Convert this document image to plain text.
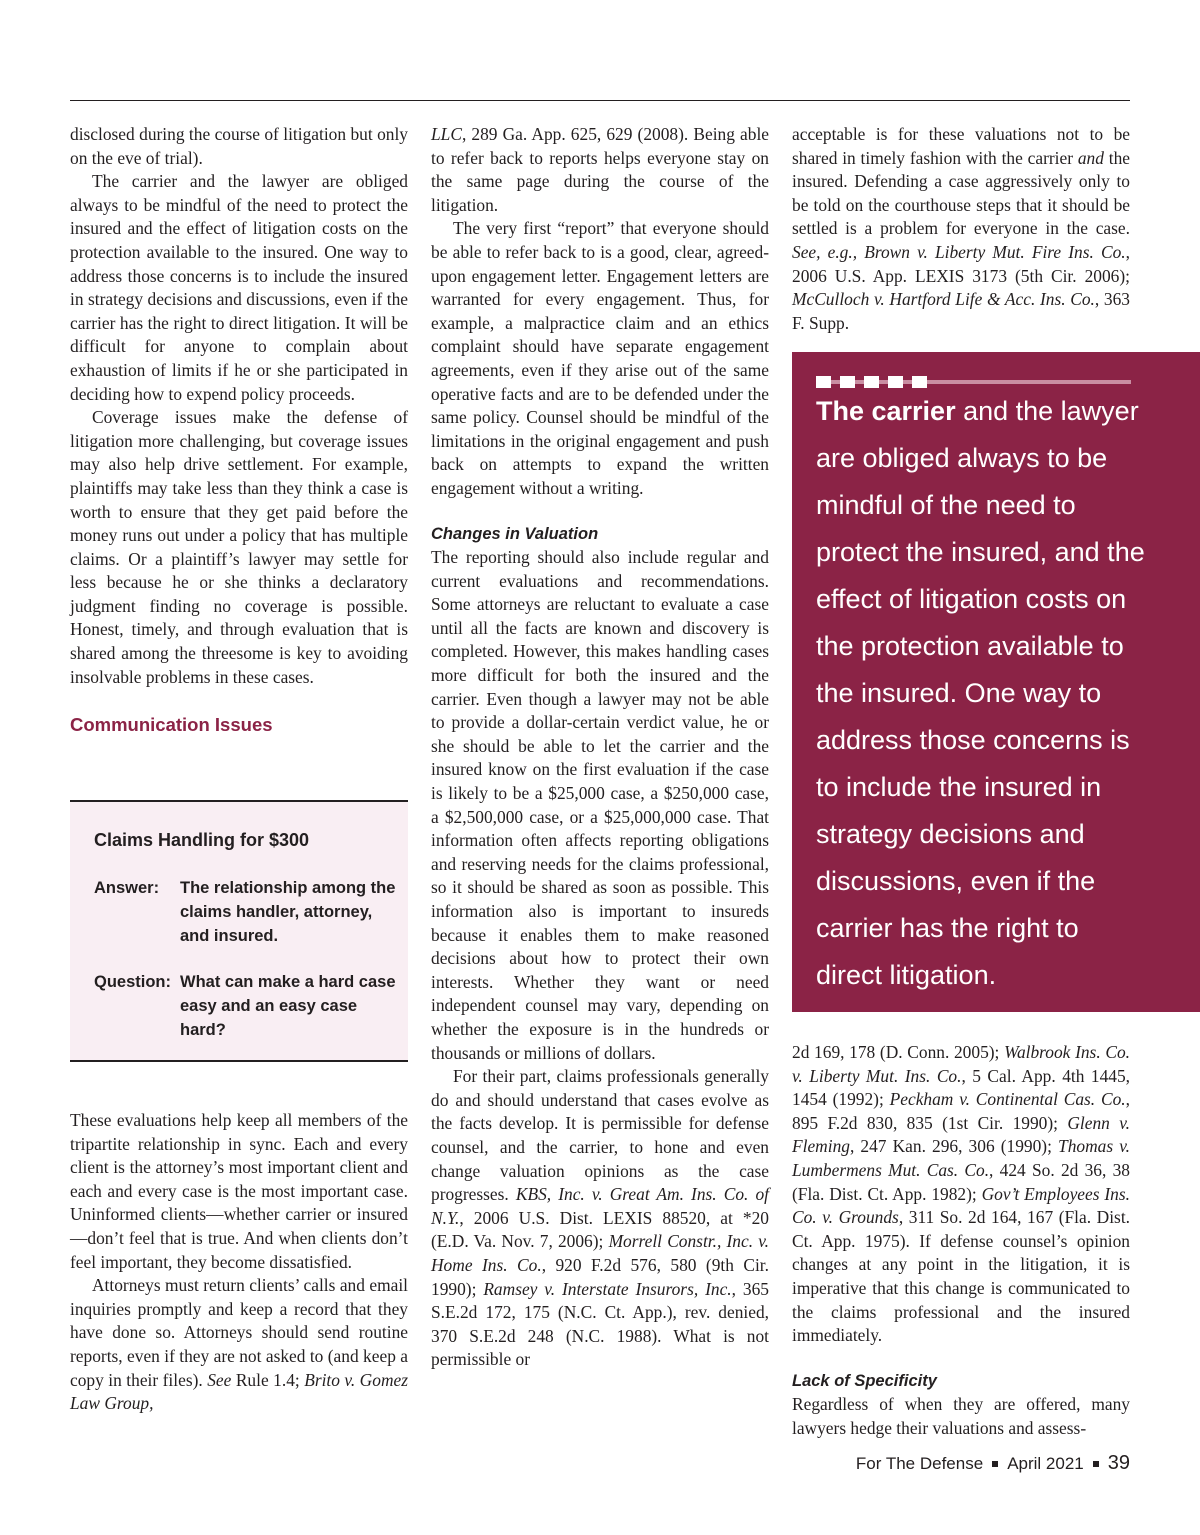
disclosed during the course of litigation but only on the eve of trial).

The carrier and the lawyer are obliged always to be mindful of the need to protect the insured and the effect of litigation costs on the protection available to the insured. One way to address those concerns is to include the insured in strategy decisions and discussions, even if the carrier has the right to direct litigation. It will be difficult for anyone to complain about exhaustion of limits if he or she participated in deciding how to expend policy proceeds.

Coverage issues make the defense of litigation more challenging, but coverage issues may also help drive settlement. For example, plaintiffs may take less than they think a case is worth to ensure that they get paid before the money runs out under a policy that has multiple claims. Or a plaintiff’s lawyer may settle for less because he or she thinks a declaratory judgment finding no coverage is possible. Honest, timely, and through evaluation that is shared among the threesome is key to avoiding insolvable problems in these cases.

Communication Issues
Claims Handling for $300
Answer:	The relationship among the claims handler, attorney, and insured.
Question: What can make a hard case easy and an easy case hard?

These evaluations help keep all members of the tripartite relationship in sync. Each and every client is the attorney’s most important client and each and every case is the most important case. Uninformed clients—whether carrier or insured—don’t feel that is true. And when clients don’t feel important, they become dissatisfied.

Attorneys must return clients’ calls and email inquiries promptly and keep a record that they have done so. Attorneys should send routine reports, even if they are not asked to (and keep a copy in their files). See Rule 1.4; Brito v. Gomez Law Group,

LLC, 289 Ga. App. 625, 629 (2008). Being able to refer back to reports helps everyone stay on the same page during the course of the litigation.

The very first “report” that everyone should be able to refer back to is a good, clear, agreed-upon engagement letter. Engagement letters are warranted for every engagement. Thus, for example, a malpractice claim and an ethics complaint should have separate engagement agreements, even if they arise out of the same operative facts and are to be defended under the same policy. Counsel should be mindful of the limitations in the original engagement and push back on attempts to expand the written engagement without a writing.

Changes in Valuation

The reporting should also include regular and current evaluations and recommendations. Some attorneys are reluctant to evaluate a case until all the facts are known and discovery is completed. However, this makes handling cases more difficult for both the insured and the carrier. Even though a lawyer may not be able to provide a dollar-certain verdict value, he or she should be able to let the carrier and the insured know on the first evaluation if the case is likely to be a $25,000 case, a $250,000 case, a $2,500,000 case, or a $25,000,000 case. That information often affects reporting obligations and reserving needs for the claims professional, so it should be shared as soon as possible. This information also is important to insureds because it enables them to make reasoned decisions about how to protect their own interests. Whether they want or need independent counsel may vary, depending on whether the exposure is in the hundreds or thousands or millions of dollars.

For their part, claims professionals generally do and should understand that cases evolve as the facts develop. It is permissible for defense counsel, and the carrier, to hone and even change valuation opinions as the case progresses. KBS, Inc. v. Great Am. Ins. Co. of N.Y., 2006 U.S. Dist. LEXIS 88520, at *20 (E.D. Va. Nov. 7, 2006); Morrell Constr., Inc. v. Home Ins. Co., 920 F.2d 576, 580 (9th Cir. 1990); Ramsey v. Interstate Insurors, Inc., 365 S.E.2d 172, 175 (N.C. Ct. App.), rev. denied, 370 S.E.2d 248 (N.C. 1988). What is not permissible or

acceptable is for these valuations not to be shared in timely fashion with the carrier and the insured. Defending a case aggressively only to be told on the courthouse steps that it should be settled is a problem for everyone in the case. See, e.g., Brown v. Liberty Mut. Fire Ins. Co., 2006 U.S. App. LEXIS 3173 (5th Cir. 2006); McCulloch v. Hartford Life & Acc. Ins. Co., 363 F. Supp.

The carrier and the lawyer are obliged always to be mindful of the need to protect the insured, and the effect of litigation costs on the protection available to the insured. One way to address those concerns is to include the insured in strategy decisions and discussions, even if the carrier has the right to direct litigation.

2d 169, 178 (D. Conn. 2005); Walbrook Ins. Co. v. Liberty Mut. Ins. Co., 5 Cal. App. 4th 1445, 1454 (1992); Peckham v. Continental Cas. Co., 895 F.2d 830, 835 (1st Cir. 1990); Glenn v. Fleming, 247 Kan. 296, 306 (1990); Thomas v. Lumbermens Mut. Cas. Co., 424 So. 2d 36, 38 (Fla. Dist. Ct. App. 1982); Gov’t Employees Ins. Co. v. Grounds, 311 So. 2d 164, 167 (Fla. Dist. Ct. App. 1975). If defense counsel’s opinion changes at any point in the litigation, it is imperative that this change is communicated to the claims professional and the insured immediately.

Lack of Specificity

Regardless of when they are offered, many lawyers hedge their valuations and assess-

For The Defense April 2021 39
